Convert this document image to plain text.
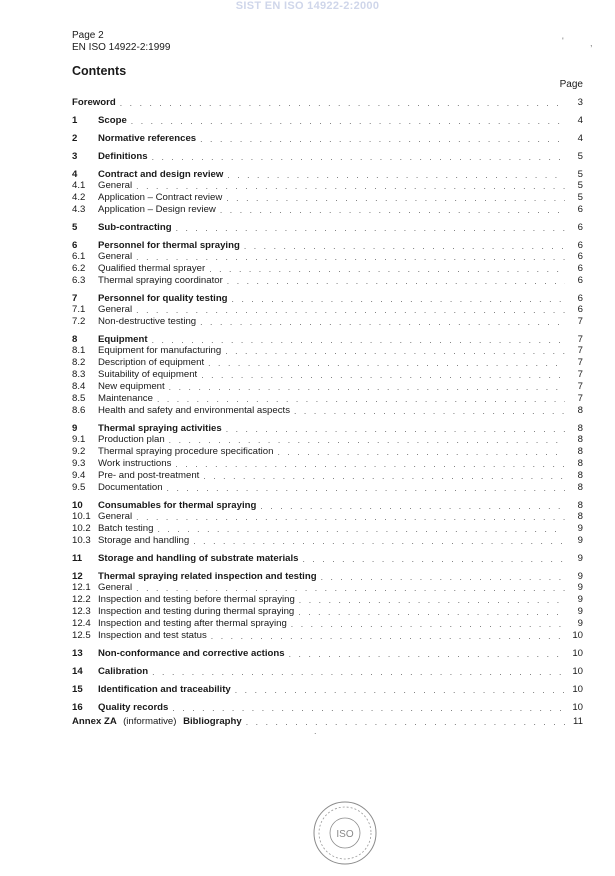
SIST EN ISO 14922-2:2000
Page 2
EN ISO 14922-2:1999
Contents
Page
Foreword . . .	3
1	Scope . . .	4
2	Normative references . . .	4
3	Definitions . . .	5
4	Contract and design review . . .	5
4.1	General . . .	5
4.2	Application – Contract review . . .	5
4.3	Application – Design review . . .	6
5	Sub-contracting . . .	6
6	Personnel for thermal spraying . . .	6
6.1	General . . .	6
6.2	Qualified thermal sprayer . . .	6
6.3	Thermal spraying coordinator . . .	6
7	Personnel for quality testing . . .	6
7.1	General . . .	6
7.2	Non-destructive testing . . .	7
8	Equipment . . .	7
8.1	Equipment for manufacturing . . .	7
8.2	Description of equipment . . .	7
8.3	Suitability of equipment . . .	7
8.4	New equipment . . .	7
8.5	Maintenance . . .	7
8.6	Health and safety and environmental aspects . . .	8
9	Thermal spraying activities . . .	8
9.1	Production plan . . .	8
9.2	Thermal spraying procedure specification . . .	8
9.3	Work instructions . . .	8
9.4	Pre- and post-treatment . . .	8
9.5	Documentation . . .	8
10	Consumables for thermal spraying . . .	8
10.1 General . . .	8
10.2 Batch testing . . .	9
10.3 Storage and handling . . .	9
11	Storage and handling of substrate materials . . .	9
12	Thermal spraying related inspection and testing . . .	9
12.1 General . . .	9
12.2 Inspection and testing before thermal spraying . . .	9
12.3 Inspection and testing during thermal spraying . . .	9
12.4 Inspection and testing after thermal spraying . . .	9
12.5 Inspection and test status . . .	10
13	Non-conformance and corrective actions . . .	10
14	Calibration . . .	10
15	Identification and traceability . . .	10
16	Quality records . . .	10
Annex ZA (informative) Bibliography . . .	11
ISO
'	,
.
